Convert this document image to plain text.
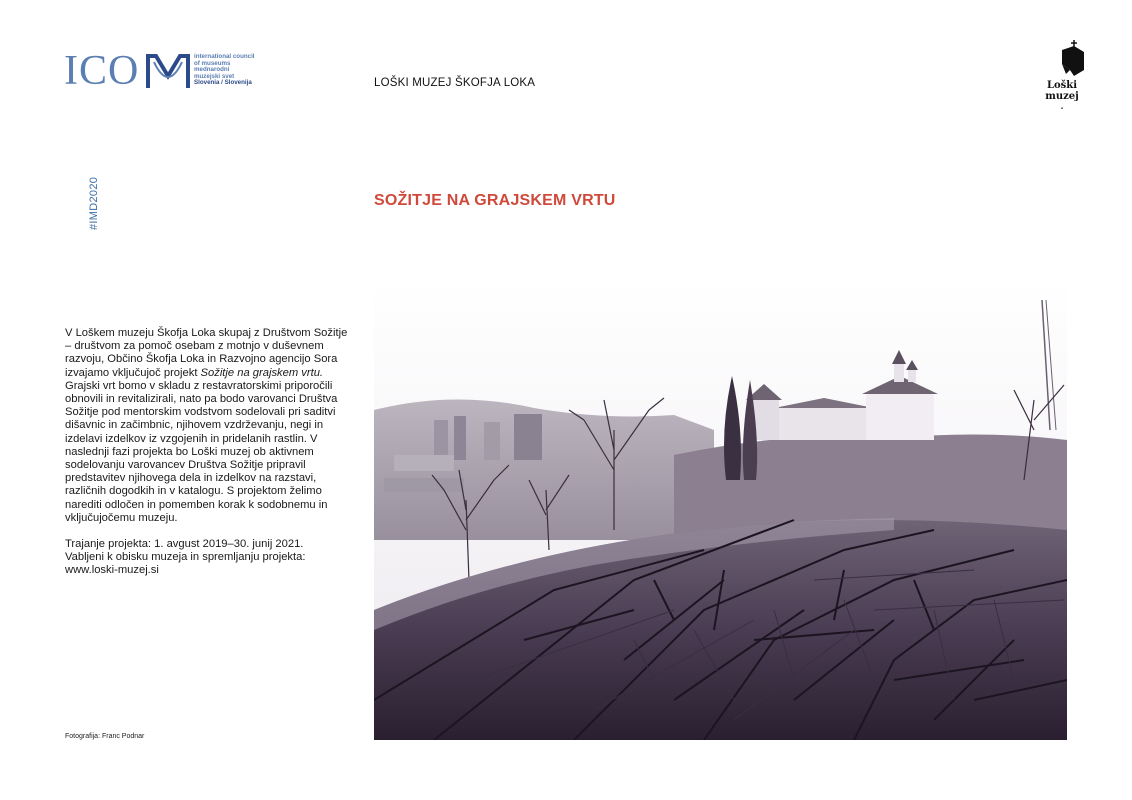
ICO	international council
of museums
mednarodni
muzejski svet
Slovenia / Slovenija	LOŠKI MUZEJ ŠKOFJA LOKA	Loški
muzej
.
#IMD2020	SOŽITJE NA GRAJSKEM VRTU

V Loškem muzeju Škofja Loka skupaj z Društvom Sožitje – društvom za pomoč osebam z motnjo v duševnem razvoju, Občino Škofja Loka in Razvojno agencijo Sora izvajamo vključujoč projekt Sožitje na grajskem vrtu. Grajski vrt bomo v skladu z restavratorskimi priporočili obnovili in revitalizirali, nato pa bodo varovanci Društva Sožitje pod mentorskim vodstvom sodelovali pri saditvi dišavnic in začimbnic, njihovem vzdrževanju, negi in izdelavi izdelkov iz vzgojenih in pridelanih rastlin. V naslednji fazi projekta bo Loški muzej ob aktivnem sodelovanju varovancev Društva Sožitje pripravil predstavitev njihovega dela in izdelkov na razstavi, različnih dogodkih in v katalogu. S projektom želimo narediti odločen in pomemben korak k sodobnemu in vključujočemu muzeju.

Trajanje projekta: 1. avgust 2019–30. junij 2021.
Vabljeni k obisku muzeja in spremljanju projekta:
www.loski-muzej.si

Fotografija: Franc Podnar
